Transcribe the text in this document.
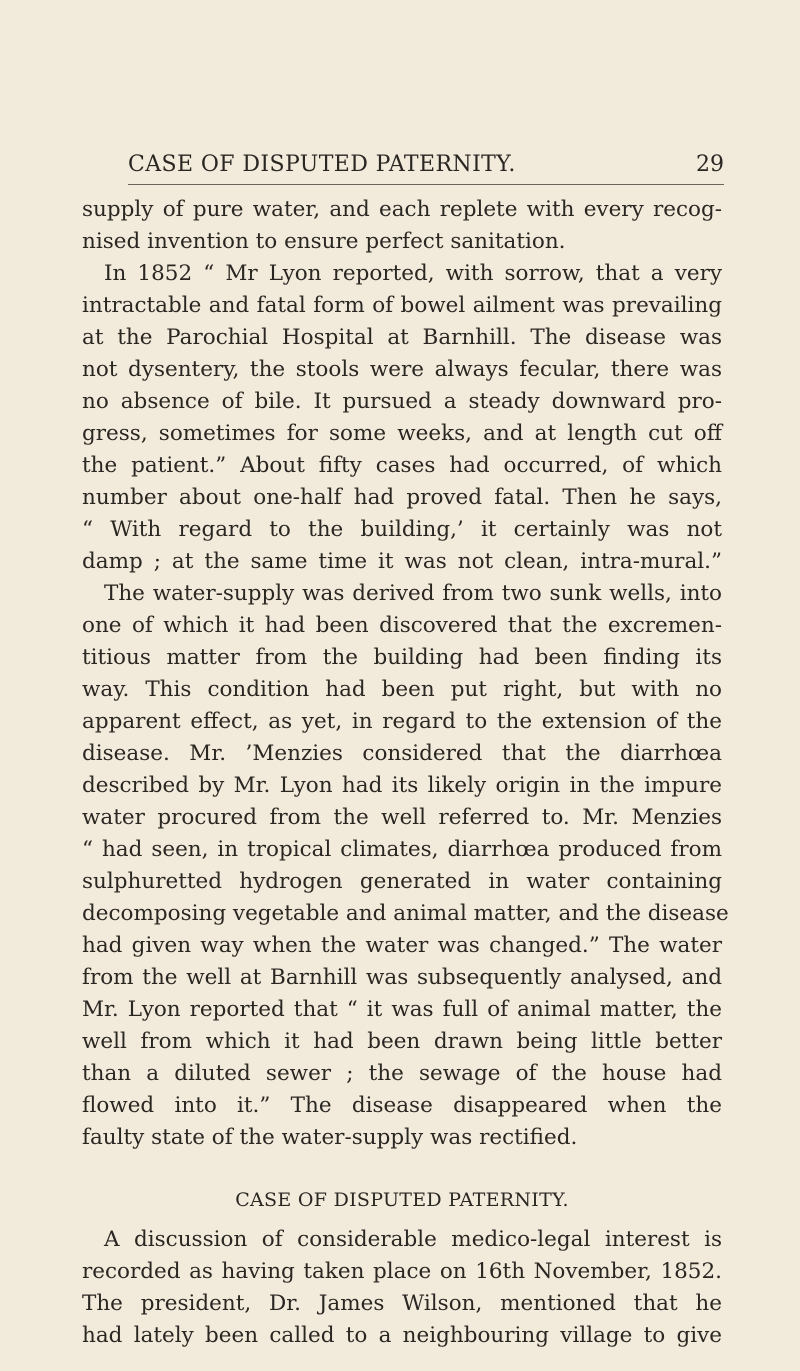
CASE OF DISPUTED PATERNITY.	29
supply of pure water, and each replete with every recog-
nised invention to ensure perfect sanitation.
In 1852 “ Mr Lyon reported, with sorrow, that a very
intractable and fatal form of bowel ailment was prevailing
at the Parochial Hospital at Barnhill. The disease was
not dysentery, the stools were always fecular, there was
no absence of bile. It pursued a steady downward pro-
gress, sometimes for some weeks, and at length cut off
the patient.” About fifty cases had occurred, of which
number about one-half had proved fatal. Then he says,
“ With regard to the building,’ it certainly was not
damp ; at the same time it was not clean, intra-mural.”
The water-supply was derived from two sunk wells, into
one of which it had been discovered that the excremen-
titious matter from the building had been finding its
way. This condition had been put right, but with no
apparent effect, as yet, in regard to the extension of the
disease. Mr. ’Menzies considered that the diarrhœa
described by Mr. Lyon had its likely origin in the impure
water procured from the well referred to. Mr. Menzies
“ had seen, in tropical climates, diarrhœa produced from
sulphuretted hydrogen generated in water containing
decomposing vegetable and animal matter, and the disease
had given way when the water was changed.” The water
from the well at Barnhill was subsequently analysed, and
Mr. Lyon reported that “ it was full of animal matter, the
well from which it had been drawn being little better
than a diluted sewer ; the sewage of the house had
flowed into it.” The disease disappeared when the
faulty state of the water-supply was rectified.
CASE OF DISPUTED PATERNITY.
A discussion of considerable medico-legal interest is
recorded as having taken place on 16th November, 1852.
The president, Dr. James Wilson, mentioned that he
had lately been called to a neighbouring village to give
